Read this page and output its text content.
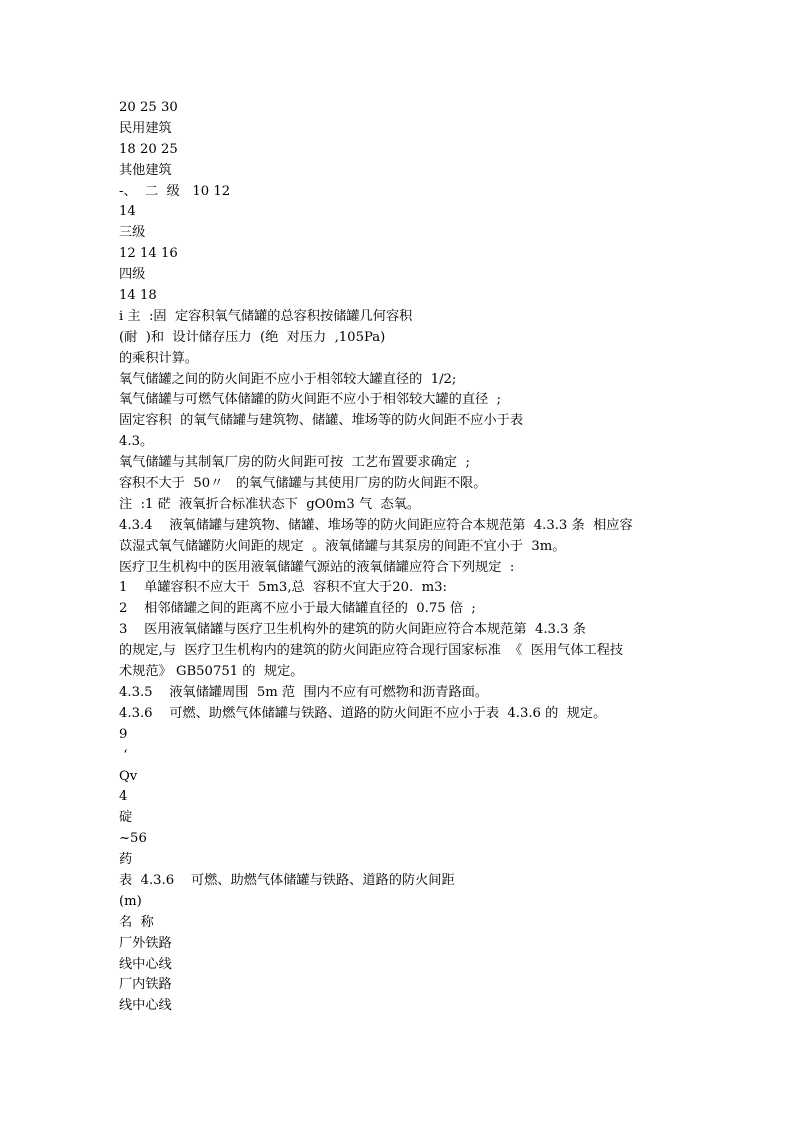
20 25 30
民用建筑
18 20 25
其他建筑
-、  二  级   10 12
14
三级
12 14 16
四级
14 18
i 主  :固  定容积氧气储罐的总容积按储罐几何容积
(耐  )和  设计储存压力  (绝  对压力  ,105Pa)
的乘积计算。
氧气储罐之间的防火间距不应小于相邻较大罐直径的  1/2;
氧气储罐与可燃气体储罐的防火间距不应小于相邻较大罐的直径  ;
固定容积  的氧气储罐与建筑物、储罐、堆场等的防火间距不应小于表
4.3。
氧气储罐与其制氧厂房的防火间距可按  工艺布置要求确定  ;
容积不大于  50〃   的氧气储罐与其使用厂房的防火间距不限。
注  :1 硭  液氧折合标准状态下  gO0m3 气  态氧。
4.3.4    液氧储罐与建筑物、储罐、堆场等的防火间距应符合本规范第  4.3.3 条  相应容
苡湿式氧气储罐防火间距的规定  。液氧储罐与其泵房的间距不宜小于  3m。
医疗卫生机构中的医用液氧储罐气源站的液氧储罐应符合下列规定  :
1    单罐容积不应大干  5m3,总  容积不宜大于20.  m3:
2    相邻储罐之间的距离不应小于最大储罐直径的  0.75 倍  ;
3    医用液氧储罐与医疗卫生机构外的建筑的防火间距应符合本规范第  4.3.3 条
的规定,与  医疗卫生机构内的建筑的防火间距应符合现行国家标准  《  医用气体工程技
术规范》 GB50751 的  规定。
4.3.5    液氧储罐周围  5m 范  围内不应有可燃物和沥青路面。
4.3.6    可燃、助燃气体储罐与铁路、道路的防火间距不应小于表  4.3.6 的  规定。
9
‘
Qv
4
碇
~56
药
表  4.3.6    可燃、助燃气体储罐与铁路、道路的防火间距
(m)
名  称
厂外铁路
线中心线
厂内铁路
线中心线
